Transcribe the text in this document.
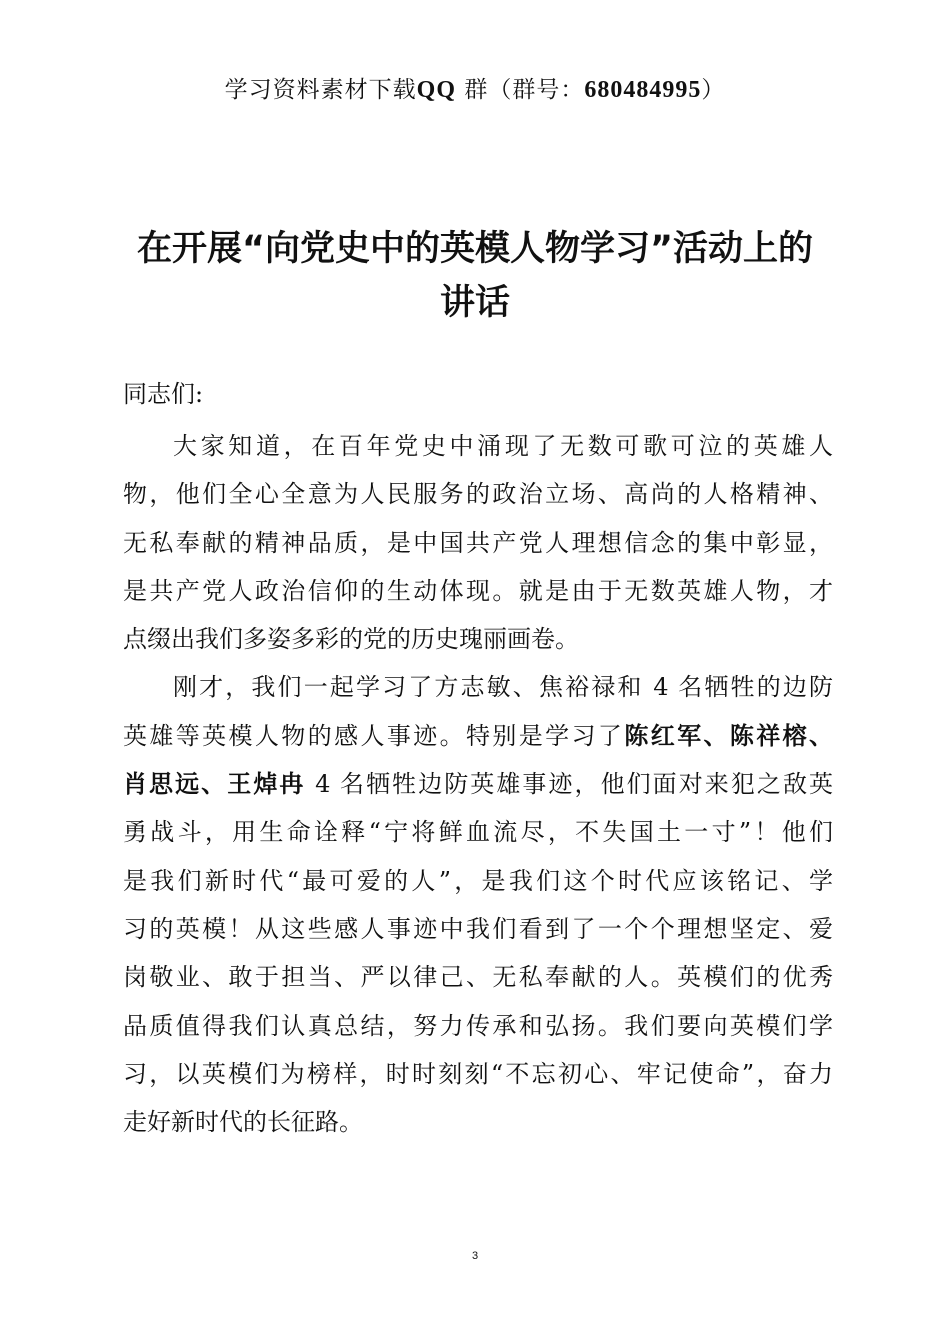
学习资料素材下载QQ 群（群号：680484995）
在开展“向党史中的英模人物学习”活动上的
讲话
同志们:
大家知道，在百年党史中涌现了无数可歌可泣的英雄人
物，他们全心全意为人民服务的政治立场、高尚的人格精神、
无私奉献的精神品质，是中国共产党人理想信念的集中彰显，
是共产党人政治信仰的生动体现。就是由于无数英雄人物，才
点缀出我们多姿多彩的党的历史瑰丽画卷。
刚才，我们一起学习了方志敏、焦裕禄和 4 名牺牲的边防
英雄等英模人物的感人事迹。特别是学习了陈红军、陈祥榕、
肖思远、王焯冉 4 名牺牲边防英雄事迹，他们面对来犯之敌英
勇战斗，用生命诠释“宁将鲜血流尽，不失国土一寸”！他们
是我们新时代“最可爱的人”，是我们这个时代应该铭记、学
习的英模！从这些感人事迹中我们看到了一个个理想坚定、爱
岗敬业、敢于担当、严以律己、无私奉献的人。英模们的优秀
品质值得我们认真总结，努力传承和弘扬。我们要向英模们学
习，以英模们为榜样，时时刻刻“不忘初心、牢记使命”，奋力
走好新时代的长征路。
3
